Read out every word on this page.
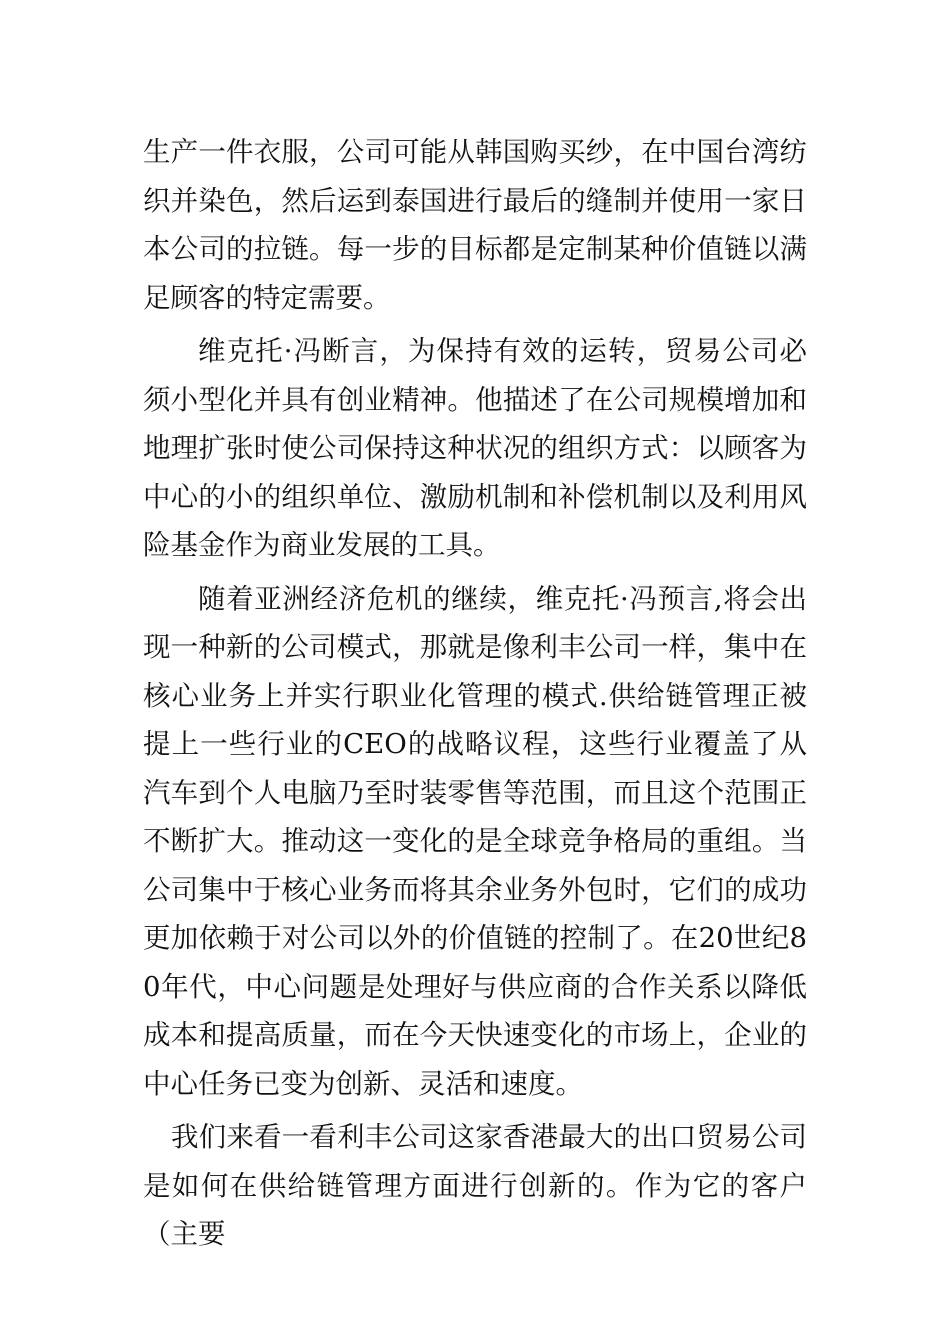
生产一件衣服，公司可能从韩国购买纱，在中国台湾纺织并染色，然后运到泰国进行最后的缝制并使用一家日本公司的拉链。每一步的目标都是定制某种价值链以满足顾客的特定需要。

维克托·冯断言，为保持有效的运转，贸易公司必须小型化并具有创业精神。他描述了在公司规模增加和地理扩张时使公司保持这种状况的组织方式：以顾客为中心的小的组织单位、激励机制和补偿机制以及利用风险基金作为商业发展的工具。

随着亚洲经济危机的继续，维克托·冯预言,将会出现一种新的公司模式，那就是像利丰公司一样，集中在核心业务上并实行职业化管理的模式.供给链管理正被提上一些行业的CEO的战略议程，这些行业覆盖了从汽车到个人电脑乃至时装零售等范围，而且这个范围正不断扩大。推动这一变化的是全球竞争格局的重组。当公司集中于核心业务而将其余业务外包时，它们的成功更加依赖于对公司以外的价值链的控制了。在20世纪80年代，中心问题是处理好与供应商的合作关系以降低成本和提高质量，而在今天快速变化的市场上，企业的中心任务已变为创新、灵活和速度。

我们来看一看利丰公司这家香港最大的出口贸易公司是如何在供给链管理方面进行创新的。作为它的客户（主要
